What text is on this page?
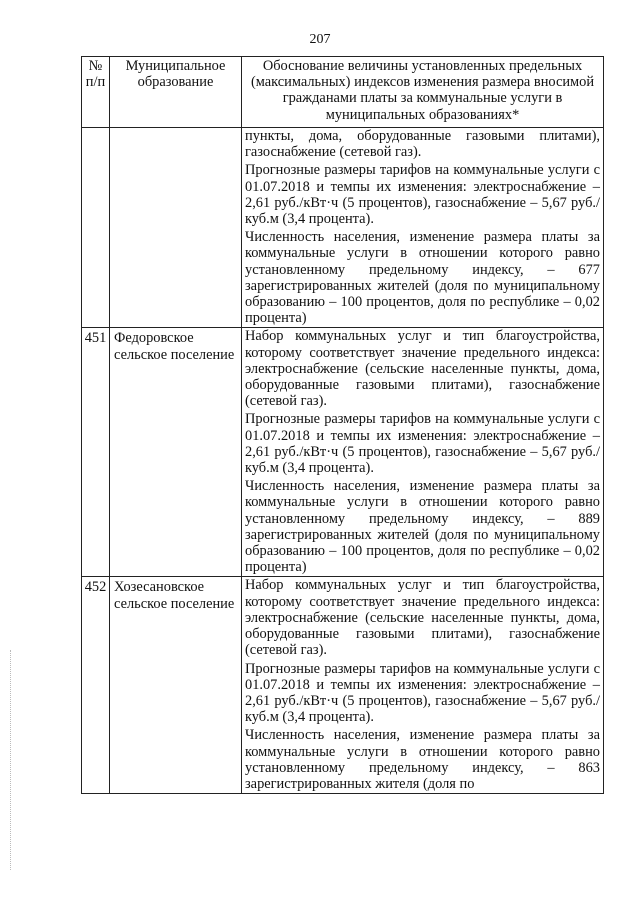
207
№ п/п	Муниципальное образование	Обоснование величины установленных предельных (максимальных) индексов изменения размера вносимой гражданами платы за коммунальные услуги в муниципальных образованиях*

		пункты, дома, оборудованные газовыми плитами), газоснабжение (сетевой газ).

Прогнозные размеры тарифов на коммунальные услуги с 01.07.2018 и темпы их изменения: электроснабжение – 2,61 руб./кВт·ч (5 процентов), газоснабжение – 5,67 руб./куб.м (3,4 процента).

Численность населения, изменение размера платы за коммунальные услуги в отношении которого равно установленному предельному индексу, – 677 зарегистрированных жителей (доля по муниципальному образованию – 100 процентов, доля по республике – 0,02 процента)

451	Федоровское сельское поселение	Набор коммунальных услуг и тип благоустройства, которому соответствует значение предельного индекса: электроснабжение (сельские населенные пункты, дома, оборудованные газовыми плитами), газоснабжение (сетевой газ).

Прогнозные размеры тарифов на коммунальные услуги с 01.07.2018 и темпы их изменения: электроснабжение – 2,61 руб./кВт·ч (5 процентов), газоснабжение – 5,67 руб./куб.м (3,4 процента).

Численность населения, изменение размера платы за коммунальные услуги в отношении которого равно установленному предельному индексу, – 889 зарегистрированных жителей (доля по муниципальному образованию – 100 процентов, доля по республике – 0,02 процента)

452	Хозесановское сельское поселение	Набор коммунальных услуг и тип благоустройства, которому соответствует значение предельного индекса: электроснабжение (сельские населенные пункты, дома, оборудованные газовыми плитами), газоснабжение (сетевой газ).

Прогнозные размеры тарифов на коммунальные услуги с 01.07.2018 и темпы их изменения: электроснабжение – 2,61 руб./кВт·ч (5 процентов), газоснабжение – 5,67 руб./куб.м (3,4 процента).

Численность населения, изменение размера платы за коммунальные услуги в отношении которого равно установленному предельному индексу, – 863 зарегистрированных жителя (доля по
